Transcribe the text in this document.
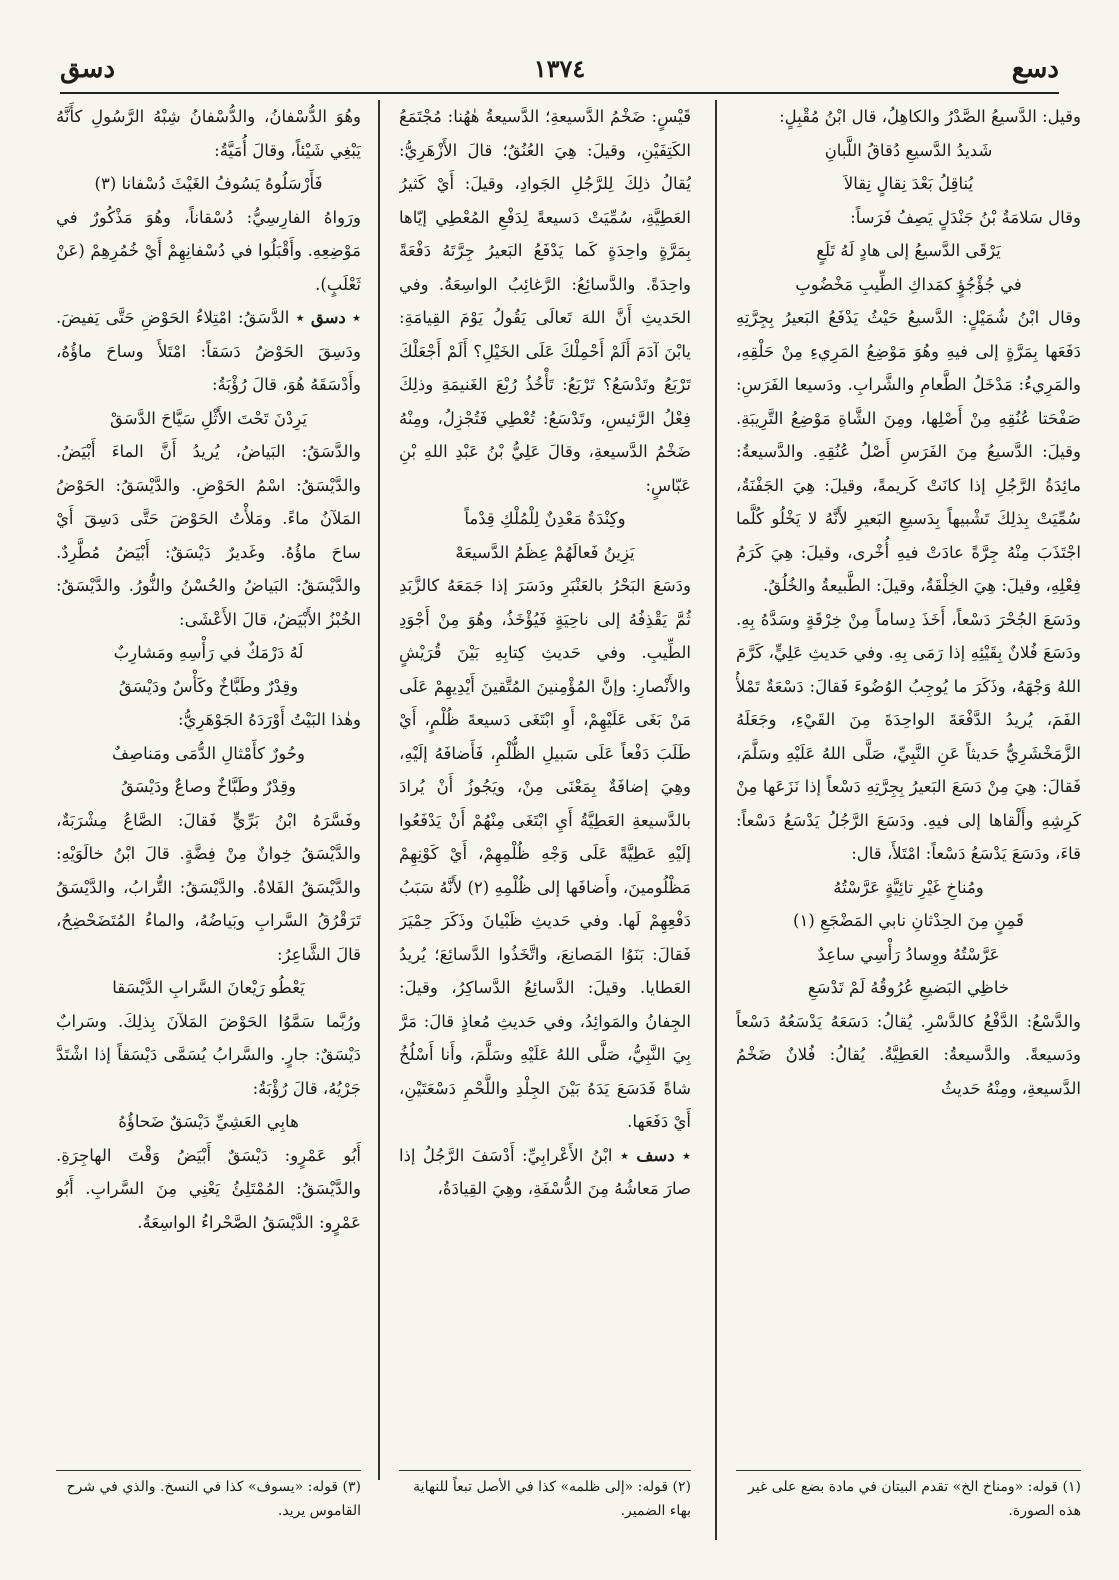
دسع
١٣٧٤
دسق

وقيل: الدَّسيعُ الصَّدْرُ والكاهِلُ، قال ابْنُ مُقْبِلٍ:

شَديدُ الدَّسيعِ دُقاقُ اللَّبانِ

يُناقِلُ بَعْدَ نِقالٍ نِقالاَ

وقال سَلامَةُ بْنُ جَنْدَلٍ يَصِفُ فَرَساً:

يَرْقَى الدَّسيعُ إلى هادٍ لَهُ تَلَعٍ

في جُؤْجُؤٍ كمَداكِ الطِّيبِ مَخْضُوبِ

وقال ابْنُ شُمَيْلٍ: الدَّسيعُ حَيْثُ يَدْفَعُ البَعيرُ بِجِرَّتِهِ دَفَعَها بِمَرَّةٍ إلى فيهِ وهُوَ مَوْضِعُ المَرِيءِ مِنْ حَلْقِهِ، والمَرِيءُ: مَدْخَلُ الطَّعامِ والشَّرابِ. ودَسيعا الفَرَسِ: صَفْحَتا عُنُقِهِ مِنْ أَصْلِها، ومِنَ الشَّاةِ مَوْضِعُ التَّرِيبَةِ. وقيلَ: الدَّسيعُ مِنَ الفَرَسِ أَصْلُ عُنُقِهِ. والدَّسيعةُ: مائِدَةُ الرَّجُلِ إذا كانَتْ كَريمةً، وقيلَ: هِيَ الجَفْنَةُ، سُمِّيَتْ بِذلِكَ تَشْبيهاً بِدَسيعِ البَعيرِ لأَنَّهُ لا يَخْلُو كُلَّما اجْتَذَبَ مِنْهُ جِرَّةً عادَتْ فيهِ أُخْرى، وقيلَ: هِيَ كَرَمُ فِعْلِهِ، وقيلَ: هِيَ الخِلْقَةُ، وقيلَ: الطَّبيعةُ والخُلُقُ.

ودَسَعَ الجُحْرَ دَسْعاً، أَخَذَ دِساماً مِنْ خِرْقَةٍ وسَدَّهُ بِهِ. ودَسَعَ فُلانٌ بِقَيْئِهِ إذا رَمَى بِهِ. وفي حَديثِ عَلِيٍّ، كَرَّمَ اللهُ وَجْهَهُ، وذَكَرَ ما يُوجِبُ الوُضُوءَ فَقالَ: دَسْعَةٌ تَمْلأُ الفَمَ، يُريدُ الدَّفْعَةَ الواحِدَةَ مِنَ القَيْءِ، وجَعَلَهُ الزَّمَخْشَرِيُّ حَديثاً عَنِ النَّبِيِّ، صَلَّى اللهُ عَلَيْهِ وسَلَّمَ، فَقالَ: هِيَ مِنْ دَسَعَ البَعيرُ بِجِرَّتِهِ دَسْعاً إذا نَزَعَها مِنْ كَرِشِهِ وأَلْقاها إلى فيهِ. ودَسَعَ الرَّجُلُ يَدْسَعُ دَسْعاً: قاءَ، ودَسَعَ يَدْسَعُ دَسْعاً: امْتَلأَ، قال:

ومُناخِ غَيْرِ تائِيَّةٍ عَرَّسْتُهُ

قَمِنٍ مِنَ الحِدْثانِ نابي المَضْجَعِ (١)

عَرَّسْتُهُ ووِسادُ رَأْسِي ساعِدٌ

خاظِي البَضيعِ عُرُوقُهُ لَمْ تَدْسَعِ

والدَّسْعُ: الدَّفْعُ كالدَّسْرِ. يُقالُ: دَسَعَهُ يَدْسَعُهُ دَسْعاً ودَسيعةً. والدَّسيعةُ: العَطِيَّةُ. يُقالُ: فُلانٌ ضَخْمُ الدَّسيعةِ، ومِنْهُ حَديثُ

قَيْسٍ: ضَخْمُ الدَّسيعةِ؛ الدَّسيعةُ هٰهُنا: مُجْتَمَعُ الكَتِفَيْنِ، وقيلَ: هِيَ العُنُقُ؛ قالَ الأَزْهَرِيُّ: يُقالُ ذلِكَ لِلرَّجُلِ الجَوادِ، وقيلَ: أَيْ كَثيرُ العَطِيَّةِ، سُمِّيَتْ دَسيعةً لِدَفْعِ المُعْطِي إيّاها بِمَرَّةٍ واحِدَةٍ كَما يَدْفَعُ البَعيرُ جِرَّتَهُ دَفْعَةً واحِدَةً. والدَّسائِعُ: الرَّغائِبُ الواسِعَةُ. وفي الحَديثِ أَنَّ اللهَ تَعالَى يَقُولُ يَوْمَ القِيامَةِ: يابْنَ آدَمَ أَلَمْ أَحْمِلْكَ عَلَى الخَيْلِ؟ أَلَمْ أَجْعَلْكَ تَرْبَعُ وتَدْسَعُ؟ تَرْبَعُ: تَأْخُذُ رُبْعَ الغَنيمَةِ وذلِكَ فِعْلُ الرَّئيسِ، وتَدْسَعُ: تُعْطِي فَتُجْزِلُ، ومِنْهُ ضَخْمُ الدَّسيعةِ، وقالَ عَلِيُّ بْنُ عَبْدِ اللهِ بْنِ عَبّاسٍ:

وكِنْدَةُ مَعْدِنٌ لِلْمُلْكِ قِدْماً

يَزِينُ فَعالَهُمْ عِظَمُ الدَّسيعَهْ

ودَسَعَ البَحْرُ بالعَنْبَرِ ودَسَرَ إذا جَمَعَهُ كالزَّبَدِ ثُمَّ يَقْذِفُهُ إلى ناحِيَةٍ فَيُؤْخَذُ، وهُوَ مِنْ أَجْوَدِ الطِّيبِ. وفي حَديثِ كِتابِهِ بَيْنَ قُرَيْشٍ والأَنْصارِ: وإنَّ المُؤْمِنينَ المُتَّقينَ أَيْدِيهِمْ عَلَى مَنْ بَغَى عَلَيْهِمْ، أَوِ ابْتَغَى دَسيعةَ ظُلْمٍ، أَيْ طَلَبَ دَفْعاً عَلَى سَبيلِ الظُّلْمِ، فَأَضافَهُ إلَيْهِ، وهِيَ إضافَةٌ بِمَعْنَى مِنْ، ويَجُوزُ أَنْ يُرادَ بالدَّسيعةِ العَطِيَّةُ أَيِ ابْتَغَى مِنْهُمْ أَنْ يَدْفَعُوا إلَيْهِ عَطِيَّةً عَلَى وَجْهِ ظُلْمِهِمْ، أَيْ كَوْنِهِمْ مَظْلُومينَ، وأَضافَها إلى ظُلْمِهِ (٢) لأَنَّهُ سَبَبُ دَفْعِهِمْ لَها. وفي حَديثِ ظَبْيانَ وذَكَرَ حِمْيَرَ فَقالَ: بَنَوُا المَصانِعَ، واتَّخَذُوا الدَّسائِعَ؛ يُريدُ العَطايا. وقيلَ: الدَّسائِعُ الدَّساكِرُ، وقيلَ: الجِفانُ والمَوائِدُ، وفي حَديثِ مُعاذٍ قالَ: مَرَّ بِيَ النَّبِيُّ، صَلَّى اللهُ عَلَيْهِ وسَلَّمَ، وأَنا أَسْلُخُ شاةً فَدَسَعَ يَدَهُ بَيْنَ الجِلْدِ واللَّحْمِ دَسْعَتَيْنِ، أَيْ دَفَعَها.

٭ دسف ٭ ابْنُ الأَعْرابِيِّ: أَدْسَفَ الرَّجُلُ إذا صارَ مَعاشُهُ مِنَ الدُّسْفَةِ، وهِيَ القِيادَةُ،

وهُوَ الدُّسْفانُ، والدُّسْفانُ شِبْهُ الرَّسُولِ كأَنَّهُ يَبْغِي شَيْئاً، وقالَ أُمَيَّةُ:

فَأَرْسَلُوهُ يَسُوفُ الغَيْثَ دُسْفانا (٣)

ورَواهُ الفارِسِيُّ: دُسْقاناً، وهُوَ مَذْكُورٌ في مَوْضِعِهِ. وأَقْبَلُوا في دُسْفانِهِمْ أَيْ خُمُرِهِمْ (عَنْ ثَعْلَبٍ).

٭ دسق ٭ الدَّسَقُ: امْتِلاءُ الحَوْضِ حَتَّى يَفيضَ. ودَسِقَ الحَوْضُ دَسَقاً: امْتَلأَ وساحَ ماؤُهُ، وأَدْسَقَهُ هُوَ، قالَ رُؤْبَةُ:

يَرِدْنَ تَحْتَ الأَثْلِ سَيَّاحَ الدَّسَقْ

والدَّسَقُ: البَياضُ، يُريدُ أَنَّ الماءَ أَبْيَضُ. والدَّيْسَقُ: اسْمُ الحَوْضِ. والدَّيْسَقُ: الحَوْضُ المَلآنُ ماءً. ومَلأْتُ الحَوْضَ حَتَّى دَسِقَ أَيْ ساحَ ماؤُهُ. وغَديرٌ دَيْسَقٌ: أَبْيَضُ مُطَّرِدٌ. والدَّيْسَقُ: البَياضُ والحُسْنُ والنُّورُ. والدَّيْسَقُ: الخُبْزُ الأَبْيَضُ، قالَ الأَعْشَى:

لَهُ دَرْمَكٌ في رَأْسِهِ ومَشارِبٌ

وقِدْرٌ وطَبَّاخٌ وكَأْسٌ ودَيْسَقُ

وهٰذا البَيْتُ أَوْرَدَهُ الجَوْهَرِيُّ:

وحُورٌ كأَمْثالِ الدُّمَى ومَناصِفٌ

وقِدْرٌ وطَبَّاخٌ وصاعٌ ودَيْسَقُ

وفَسَّرَهُ ابْنُ بَرِّيٍّ فَقالَ: الصَّاعُ مِشْرَبَةٌ، والدَّيْسَقُ خِوانٌ مِنْ فِضَّةٍ. قالَ ابْنُ خالَوَيْهِ: والدَّيْسَقُ الفَلاةُ. والدَّيْسَقُ: التُّرابُ، والدَّيْسَقُ تَرَقْرُقُ السَّرابِ وبَياضُهُ، والماءُ المُتَضَحْضِحُ، قالَ الشَّاعِرُ:

يَعْطُو رَيْعانَ السَّرابِ الدَّيْسَقا

ورُبَّما سَمَّوُا الحَوْضَ المَلآنَ بِذلِكَ. وسَرابٌ دَيْسَقٌ: جارٍ. والسَّرابُ يُسَمَّى دَيْسَقاً إذا اشْتَدَّ جَرْيُهُ، قالَ رُؤْبَةُ:

هابِي العَشِيِّ دَيْسَقٌ ضَحاؤُهُ

أَبُو عَمْرٍو: دَيْسَقٌ أَبْيَضُ وَقْتَ الهاجِرَةِ. والدَّيْسَقُ: المُمْتَلِئُ يَعْنِي مِنَ السَّرابِ. أَبُو عَمْرٍو: الدَّيْسَقُ الصَّحْراءُ الواسِعَةُ.

(١) قوله: «ومناخ الخ» تقدم البيتان في مادة بضع على غير هذه الصورة.
(٢) قوله: «إلى ظلمه» كذا في الأصل تبعاً للنهاية بهاء الضمير.
(٣) قوله: «يسوف» كذا في النسخ. والذي في شرح القاموس يريد.
